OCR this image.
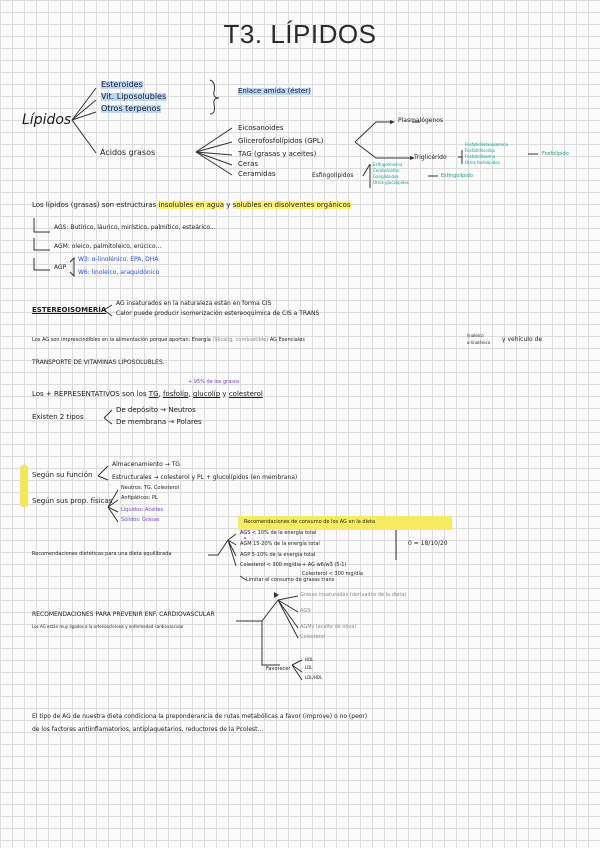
T3. LÍPIDOS
Lípidos
Esteroides
Vit. Liposolubles
Otros terpenos
Enlace amida (éster)
Ácidos grasos
Eicosanoides
Glicerofosfolípidos (GPL)
Plasmalógenos
TAG (grasas y aceites)
Ceras
Ceramidas	Esfingolípidos
Triglicérido
Esfingomielina
Cerebrósidos
Gangliósidos
Otros glucolípidos
Esfingolípido
Fosfatidiletanolamina
Fosfatidilcolina
Fosfatidilserina
Otros fosfolípidos
Fosfolípido
Los lípidos (grasas) son estructuras insolubles en agua y solubles en disolventes orgánicos
AGS: Butírico, láurico, mirístico, palmítico, esteárico...
AGM: oleico, palmitoleico, erúcico...
AGP
W3: α-linolénico, EPA, DHA
W6: linoleico, araquidónico
ESTEREOISOMERÍA
AG insaturados en la naturaleza están en forma CIS
Calor puede producir isomerización estereoquímica de CIS a TRANS
Los AG son imprescindibles en la alimentación porque aportan: Energía (9kcal/g, combustible) AG Esenciales
linoleico
α-linolénico y vehículo de
TRANSPORTE DE VITAMINAS LIPOSOLUBLES.
+ 95% de los grasos
Los + REPRESENTATIVOS son los TG, fosfolíp, glucolíp y colesterol
Existen 2 tipos
De depósito → Neutros
De membrana → Polares
Según su función
Almacenamiento → TG
Estructurales → colesterol y PL + glucolípidos (en membrana)
Según sus prop. físicas
Neutros: TG, Colesterol
Anfipáticos: PL
Líquidos: Aceites
Sólidos: Grasas	Recomendaciones de consumo de los AG en la dieta
Recomendaciones dietéticas para una dieta equilibrada
AGS < 10% de la energía total
AGM 15-20% de la energía total
AGP 5-10% de la energía total
Colesterol < 300 mg/día + AG w6/w3 (5:1)
Colesterol < 300 mg/día
0 = 18/10/20
Limitar el consumo de grasas trans
RECOMENDACIONES PARA PREVENIR ENF. CARDIOVASCULAR
Los AG están muy ligados a la arteriosclerosis y enfermedad cardiovascular
Grasas insaturadas (derivados de la dieta)
AGS
AGMs (aceite de oliva)
Colesterol
Favorecer
HDL
LDL
LDL/HDL
El tipo de AG de nuestra dieta condiciona la preponderancia de rutas metabólicas a favor (improve) o no (peor)
de los factores antiinflamatorios, antiplaquetarios, reductores de la Pcolest...
